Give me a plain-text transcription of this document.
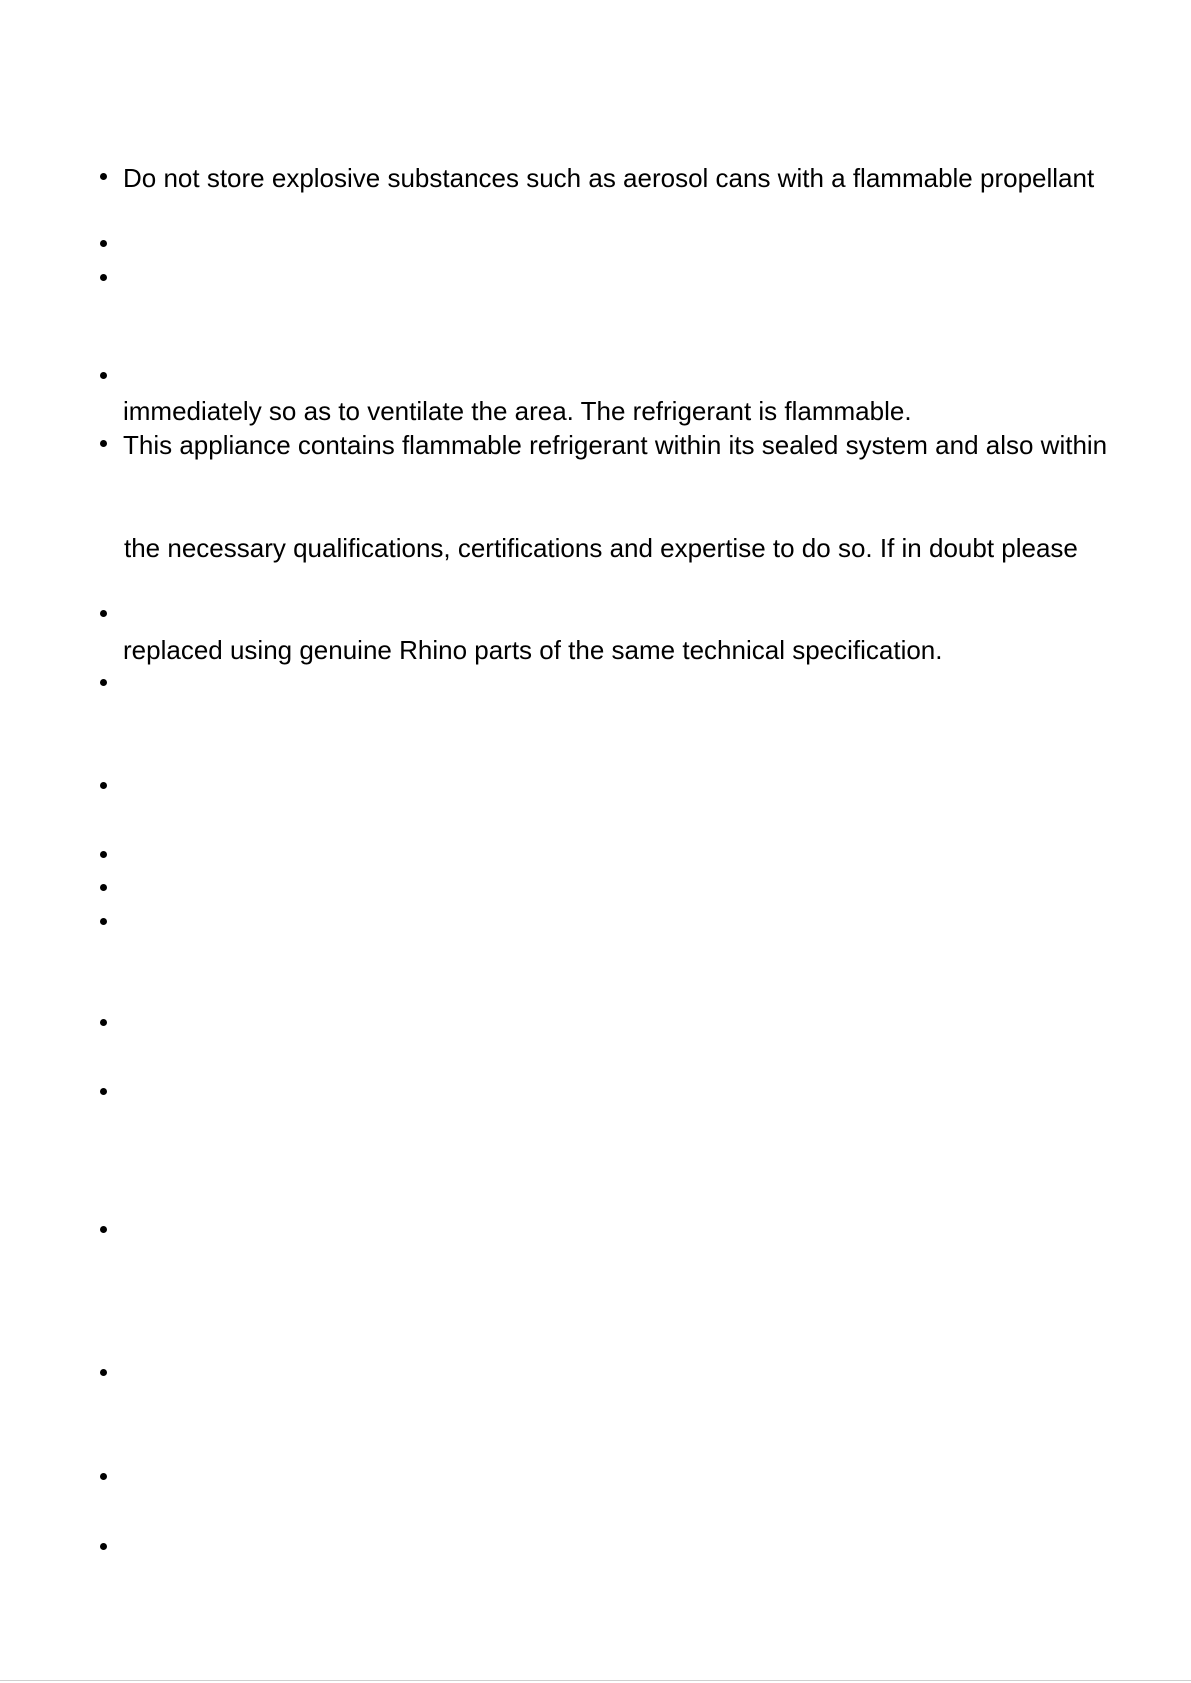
Do not store explosive substances such as aerosol cans with a flammable propellant
immediately so as to ventilate the area. The refrigerant is flammable.
This appliance contains flammable refrigerant within its sealed system and also within
the necessary qualifications, certifications and expertise to do so. If in doubt please
replaced using genuine Rhino parts of the same technical specification.
